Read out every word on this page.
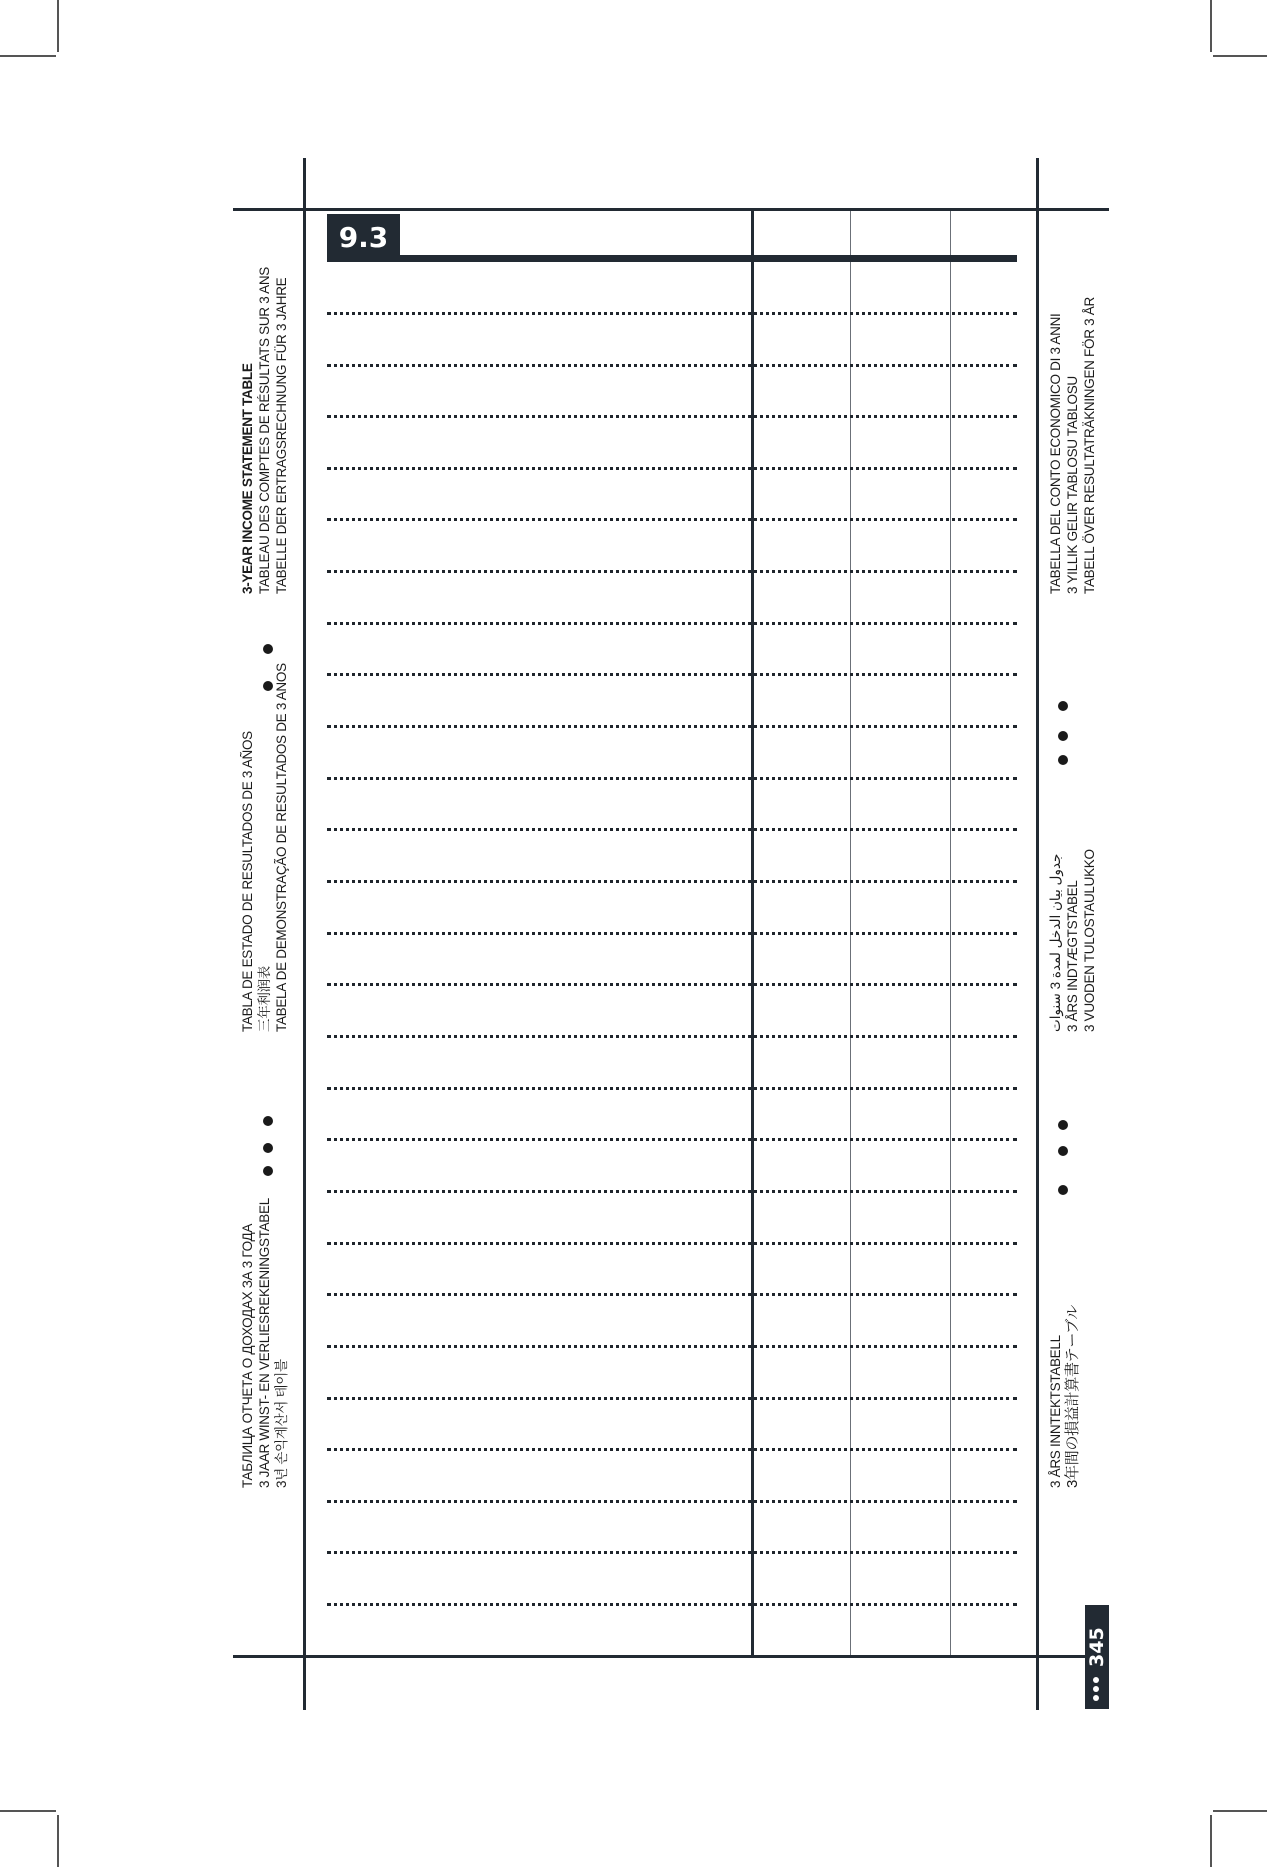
9.3
ТАБЛИЦА ОТЧЕТА О ДОХОДАХ ЗА 3 ГОДА 3 JAAR WINST- EN VERLIESREKENINGSTABEL 3년 손익계산서 테이블
TABLA DE ESTADO DE RESULTADOS DE 3 AÑOS 三年利润表 TABELA DE DEMONSTRAÇÃO DE RESULTADOS DE 3 ANOS
3-YEAR INCOME STATEMENT TABLE TABLEAU DES COMPTES DE RÉSULTATS SUR 3 ANS TABELLE DER ERTRAGSRECHNUNG FÜR 3 JAHRE
3 ÅRS INNTEKTSTABELL 3年間の損益計算書テーブル
جدول بيان الدخل لمدة 3 سنوات 3 ÅRS INDTÆGTSTABEL 3 VUODEN TULOSTAULUKKO
TABELLA DEL CONTO ECONOMICO DI 3 ANNI 3 YILLIK GELIR TABLOSU TABLOSU TABELL ÖVER RESULTATRÄKNINGEN FÖR 3 ÅR
345
